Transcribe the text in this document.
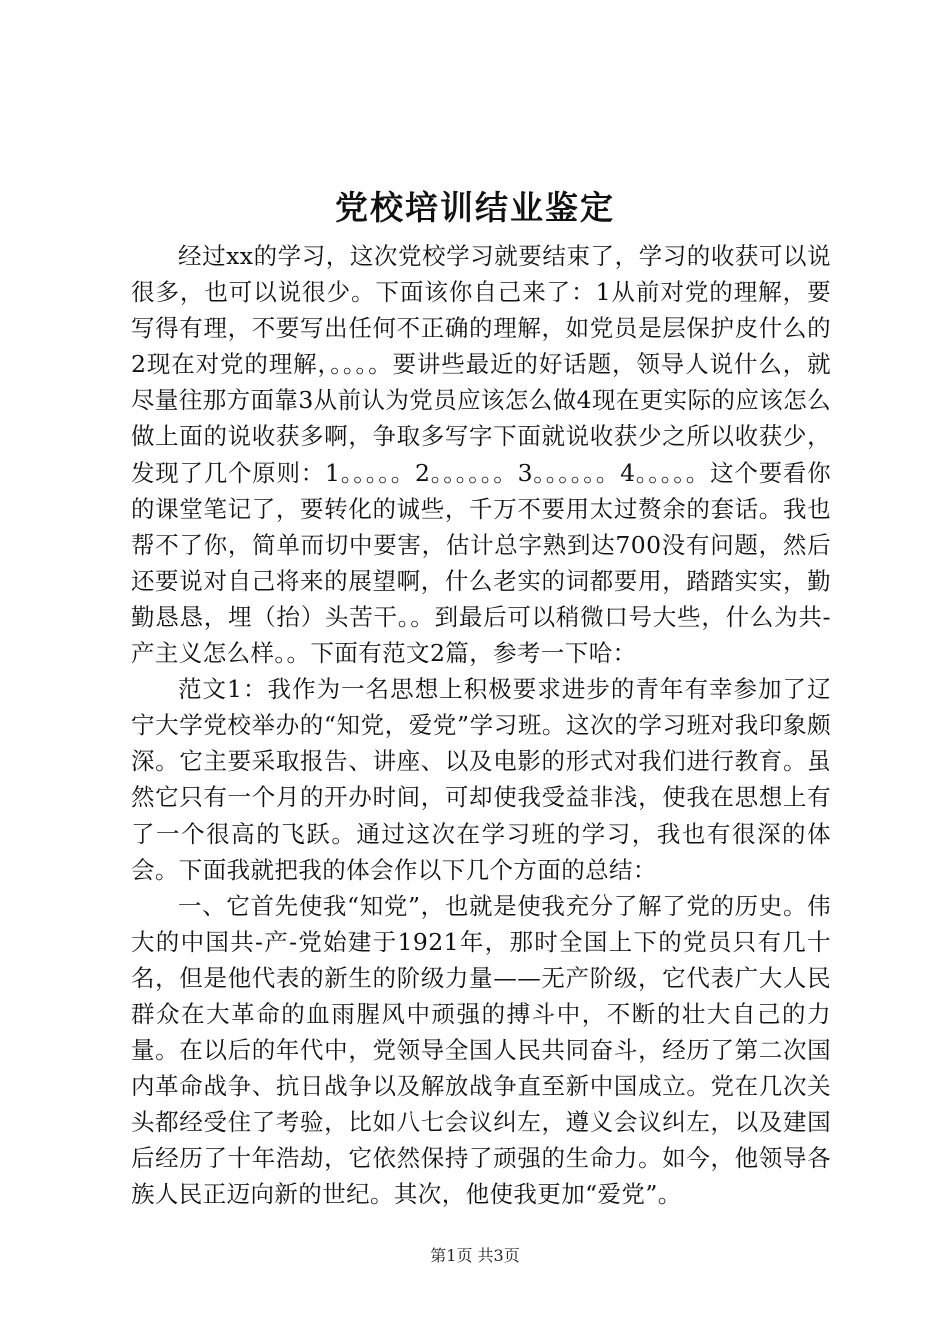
党校培训结业鉴定

经过xx的学习，这次党校学习就要结束了，学习的收获可以说很多，也可以说很少。下面该你自己来了：1从前对党的理解，要写得有理，不要写出任何不正确的理解，如党员是层保护皮什么的2现在对党的理解，。。。。要讲些最近的好话题，领导人说什么，就尽量往那方面靠3从前认为党员应该怎么做4现在更实际的应该怎么做上面的说收获多啊，争取多写字下面就说收获少之所以收获少，发现了几个原则：1。。。。。2。。。。。。3。。。。。。4。。。。。这个要看你的课堂笔记了，要转化的诚些，千万不要用太过赘余的套话。我也帮不了你，简单而切中要害，估计总字熟到达700没有问题，然后还要说对自己将来的展望啊，什么老实的词都要用，踏踏实实，勤勤恳恳，埋（抬）头苦干。。到最后可以稍微口号大些，什么为共-产主义怎么样。。下面有范文2篇，参考一下哈：

范文1：我作为一名思想上积极要求进步的青年有幸参加了辽宁大学党校举办的“知党，爱党”学习班。这次的学习班对我印象颇深。它主要采取报告、讲座、以及电影的形式对我们进行教育。虽然它只有一个月的开办时间，可却使我受益非浅，使我在思想上有了一个很高的飞跃。通过这次在学习班的学习，我也有很深的体会。下面我就把我的体会作以下几个方面的总结：

一、它首先使我“知党”，也就是使我充分了解了党的历史。伟大的中国共-产-党始建于1921年，那时全国上下的党员只有几十名，但是他代表的新生的阶级力量——无产阶级，它代表广大人民群众在大革命的血雨腥风中顽强的搏斗中，不断的壮大自己的力量。在以后的年代中，党领导全国人民共同奋斗，经历了第二次国内革命战争、抗日战争以及解放战争直至新中国成立。党在几次关头都经受住了考验，比如八七会议纠左，遵义会议纠左，以及建国后经历了十年浩劫，它依然保持了顽强的生命力。如今，他领导各族人民正迈向新的世纪。其次，他使我更加“爱党”。

第1页 共3页
